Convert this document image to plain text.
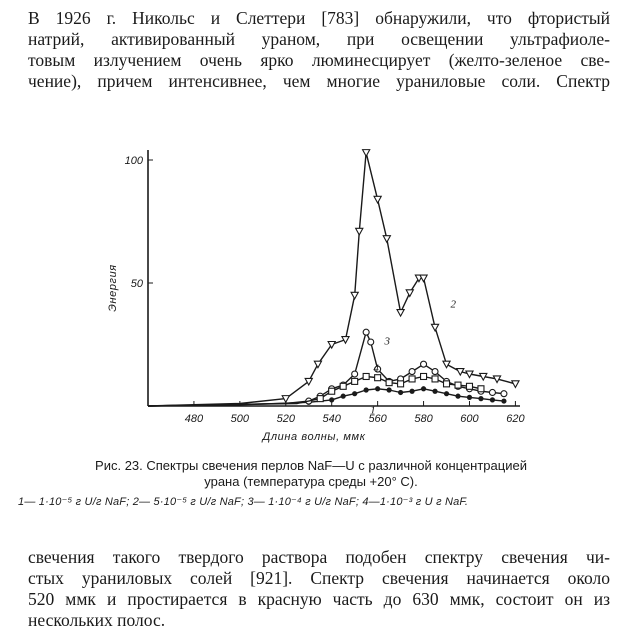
В 1926 г. Никольс и Слеттери [783] обнаружили, что фтористый
натрий, активированный ураном, при освещении ультрафиоле-
товым излучением очень ярко люминесцирует (желто-зеленое све-
чение), причем интенсивнее, чем многие ураниловые соли. Спектр
480	500	520	540	560	580	600	620
50
100
Длина волны, ммк
Энергия
1
2
3
4
Рис. 23. Спектры свечения перлов NaF—U с различной концентрацией
урана (температура среды +20° С).
1— 1·10⁻⁵ г U/г NaF; 2— 5·10⁻⁵ г U/г NaF; 3— 1·10⁻⁴ г U/г NaF; 4—1·10⁻³ г U г NaF.
свечения такого твердого раствора подобен спектру свечения чи-
стых ураниловых солей [921]. Спектр свечения начинается около
520 ммк и простирается в красную часть до 630 ммк, состоит он из
нескольких полос.
